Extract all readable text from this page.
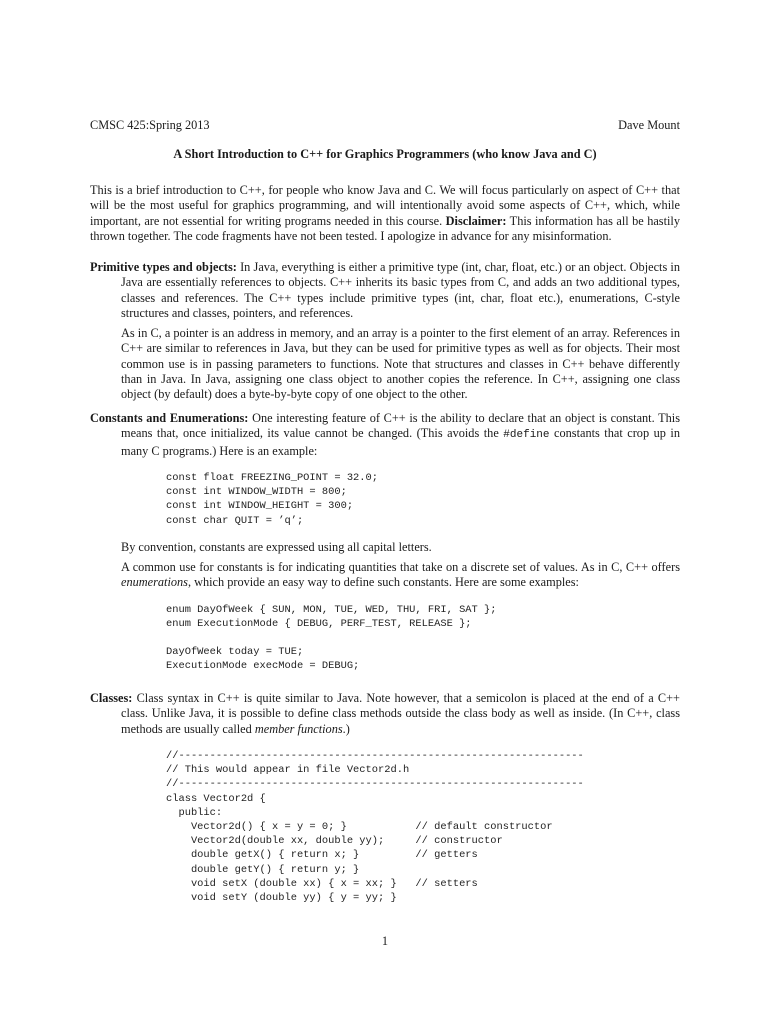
CMSC 425:Spring 2013	Dave Mount
A Short Introduction to C++ for Graphics Programmers (who know Java and C)
This is a brief introduction to C++, for people who know Java and C. We will focus particularly on aspect of C++ that will be the most useful for graphics programming, and will intentionally avoid some aspects of C++, which, while important, are not essential for writing programs needed in this course. Disclaimer: This information has all be hastily thrown together. The code fragments have not been tested. I apologize in advance for any misinformation.

Primitive types and objects: In Java, everything is either a primitive type (int, char, float, etc.) or an object. Objects in Java are essentially references to objects. C++ inherits its basic types from C, and adds an two additional types, classes and references. The C++ types include primitive types (int, char, float etc.), enumerations, C-style structures and classes, pointers, and references.

As in C, a pointer is an address in memory, and an array is a pointer to the first element of an array. References in C++ are similar to references in Java, but they can be used for primitive types as well as for objects. Their most common use is in passing parameters to functions. Note that structures and classes in C++ behave differently than in Java. In Java, assigning one class object to another copies the reference. In C++, assigning one class object (by default) does a byte-by-byte copy of one object to the other.

Constants and Enumerations: One interesting feature of C++ is the ability to declare that an object is constant. This means that, once initialized, its value cannot be changed. (This avoids the #define constants that crop up in many C programs.) Here is an example:

const float FREEZING_POINT = 32.0;
const int WINDOW_WIDTH = 800;
const int WINDOW_HEIGHT = 300;
const char QUIT = ’q’;

By convention, constants are expressed using all capital letters.

A common use for constants is for indicating quantities that take on a discrete set of values. As in C, C++ offers enumerations, which provide an easy way to define such constants. Here are some examples:

enum DayOfWeek { SUN, MON, TUE, WED, THU, FRI, SAT };
enum ExecutionMode { DEBUG, PERF_TEST, RELEASE };

DayOfWeek today = TUE;
ExecutionMode execMode = DEBUG;

Classes: Class syntax in C++ is quite similar to Java. Note however, that a semicolon is placed at the end of a C++ class. Unlike Java, it is possible to define class methods outside the class body as well as inside. (In C++, class methods are usually called member functions.)

//-----------------------------------------------------------------
// This would appear in file Vector2d.h
//-----------------------------------------------------------------
class Vector2d {
public:
Vector2d() { x = y = 0; }           // default constructor
Vector2d(double xx, double yy);     // constructor
double getX() { return x; }         // getters
double getY() { return y; }
void setX (double xx) { x = xx; }   // setters
void setY (double yy) { y = yy; }
1
